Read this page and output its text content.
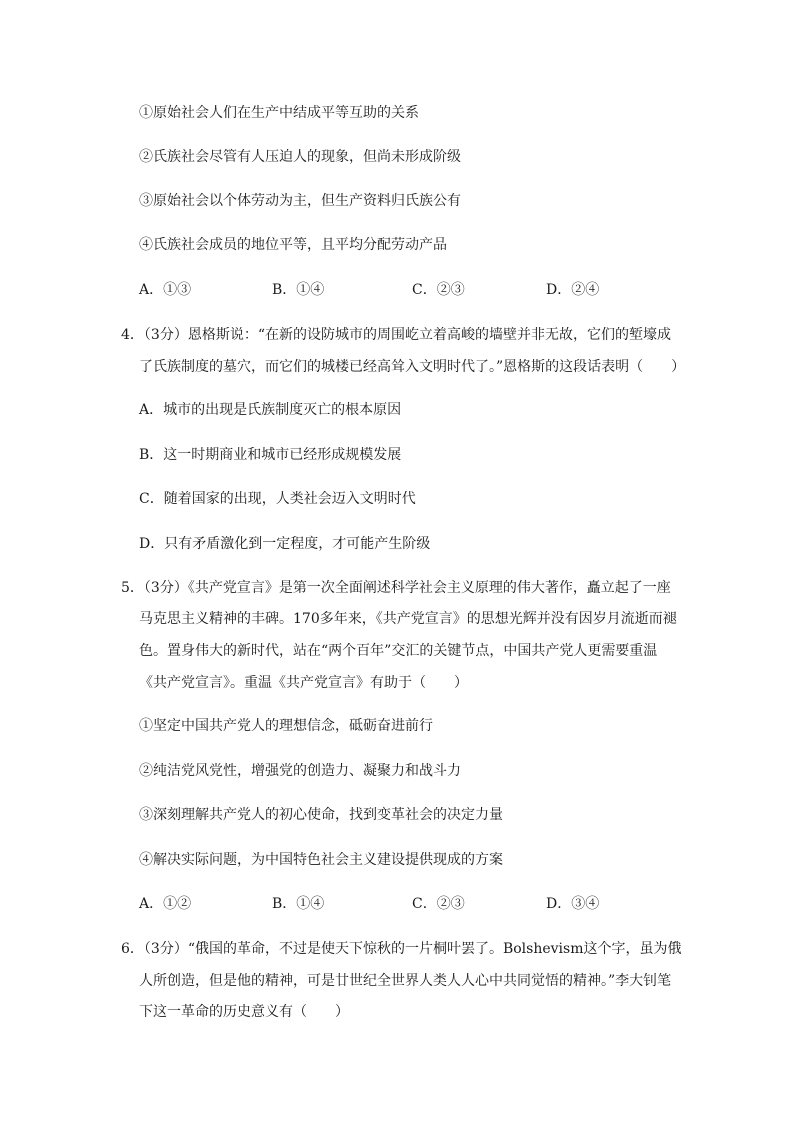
①原始社会人们在生产中结成平等互助的关系
②氏族社会尽管有人压迫人的现象，但尚未形成阶级
③原始社会以个体劳动为主，但生产资料归氏族公有
④氏族社会成员的地位平等，且平均分配劳动产品
A．①③	B．①④	C．②③	D．②④
4．（3分）恩格斯说：“在新的设防城市的周围屹立着高峻的墙壁并非无故，它们的堑壕成
了氏族制度的墓穴，而它们的城楼已经高耸入文明时代了。”恩格斯的这段话表明（　　）
A．城市的出现是氏族制度灭亡的根本原因
B．这一时期商业和城市已经形成规模发展
C．随着国家的出现，人类社会迈入文明时代
D．只有矛盾激化到一定程度，才可能产生阶级
5．（3分）《共产党宣言》是第一次全面阐述科学社会主义原理的伟大著作，矗立起了一座
马克思主义精神的丰碑。170多年来，《共产党宣言》的思想光辉并没有因岁月流逝而褪
色。置身伟大的新时代，站在“两个百年”交汇的关键节点，中国共产党人更需要重温
《共产党宣言》。重温《共产党宣言》有助于（　　）
①坚定中国共产党人的理想信念，砥砺奋进前行
②纯洁党风党性，增强党的创造力、凝聚力和战斗力
③深刻理解共产党人的初心使命，找到变革社会的决定力量
④解决实际问题，为中国特色社会主义建设提供现成的方案
A．①②	B．①④	C．②③	D．③④
6．（3分）“俄国的革命，不过是使天下惊秋的一片桐叶罢了。Bolshevism这个字，虽为俄
人所创造，但是他的精神，可是廿世纪全世界人类人人心中共同觉悟的精神。”李大钊笔
下这一革命的历史意义有（　　）
